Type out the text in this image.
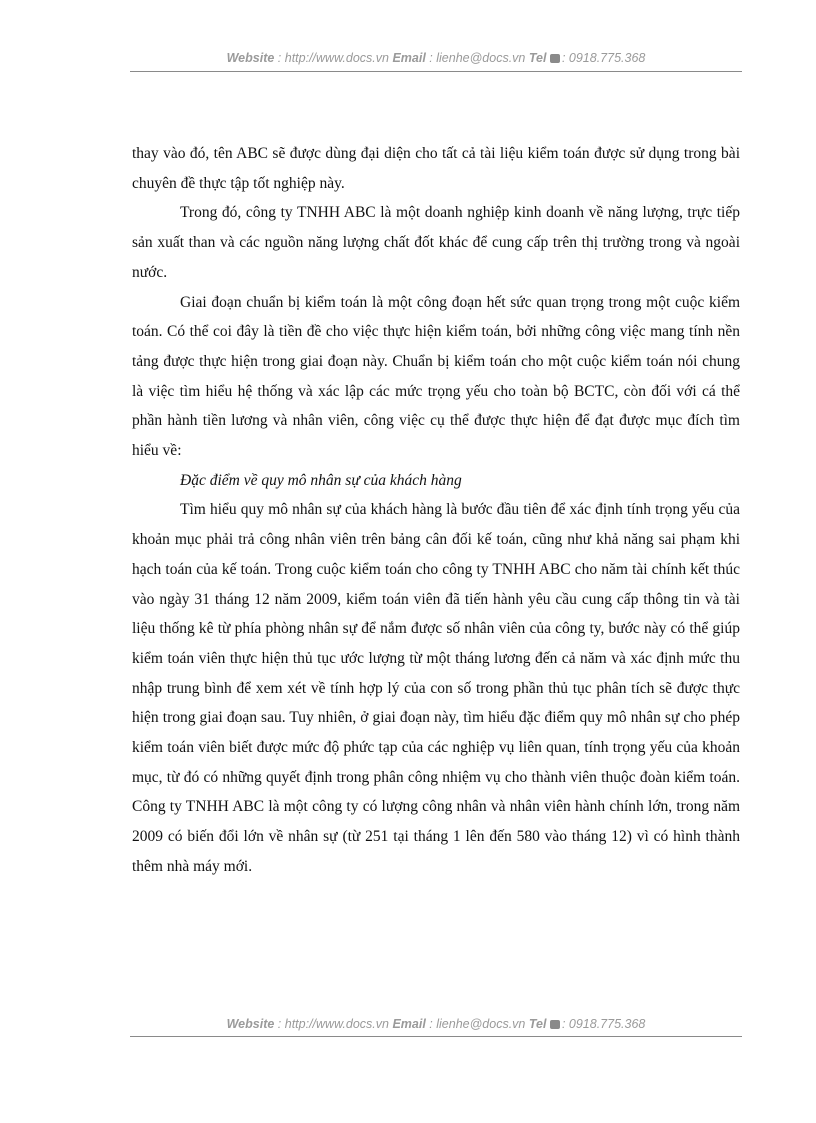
Website : http://www.docs.vn Email : lienhe@docs.vn Tel : 0918.775.368

thay vào đó, tên ABC sẽ được dùng đại diện cho tất cả tài liệu kiểm toán được sử dụng trong bài chuyên đề thực tập tốt nghiệp này.

Trong đó, công ty TNHH ABC là một doanh nghiệp kinh doanh về năng lượng, trực tiếp sản xuất than và các nguồn năng lượng chất đốt khác để cung cấp trên thị trường trong và ngoài nước.

Giai đoạn chuẩn bị kiểm toán là một công đoạn hết sức quan trọng trong một cuộc kiểm toán. Có thể coi đây là tiền đề cho việc thực hiện kiểm toán, bởi những công việc mang tính nền tảng được thực hiện trong giai đoạn này. Chuẩn bị kiểm toán cho một cuộc kiểm toán nói chung là việc tìm hiểu hệ thống và xác lập các mức trọng yếu cho toàn bộ BCTC, còn đối với cá thể phần hành tiền lương và nhân viên, công việc cụ thể được thực hiện để đạt được mục đích tìm hiểu về:

Đặc điểm về quy mô nhân sự của khách hàng

Tìm hiểu quy mô nhân sự của khách hàng là bước đầu tiên để xác định tính trọng yếu của khoản mục phải trả công nhân viên trên bảng cân đối kế toán, cũng như khả năng sai phạm khi hạch toán của kế toán. Trong cuộc kiểm toán cho công ty TNHH ABC cho năm tài chính kết thúc vào ngày 31 tháng 12 năm 2009, kiểm toán viên đã tiến hành yêu cầu cung cấp thông tin và tài liệu thống kê từ phía phòng nhân sự để nắm được số nhân viên của công ty, bước này có thể giúp kiểm toán viên thực hiện thủ tục ước lượng từ một tháng lương đến cả năm và xác định mức thu nhập trung bình để xem xét về tính hợp lý của con số trong phần thủ tục phân tích sẽ được thực hiện trong giai đoạn sau. Tuy nhiên, ở giai đoạn này, tìm hiểu đặc điểm quy mô nhân sự cho phép kiểm toán viên biết được mức độ phức tạp của các nghiệp vụ liên quan, tính trọng yếu của khoản mục, từ đó có những quyết định trong phân công nhiệm vụ cho thành viên thuộc đoàn kiểm toán. Công ty TNHH ABC là một công ty có lượng công nhân và nhân viên hành chính lớn, trong năm 2009 có biến đổi lớn về nhân sự (từ 251 tại tháng 1 lên đến 580 vào tháng 12) vì có hình thành thêm nhà máy mới.

Website : http://www.docs.vn Email : lienhe@docs.vn Tel : 0918.775.368
